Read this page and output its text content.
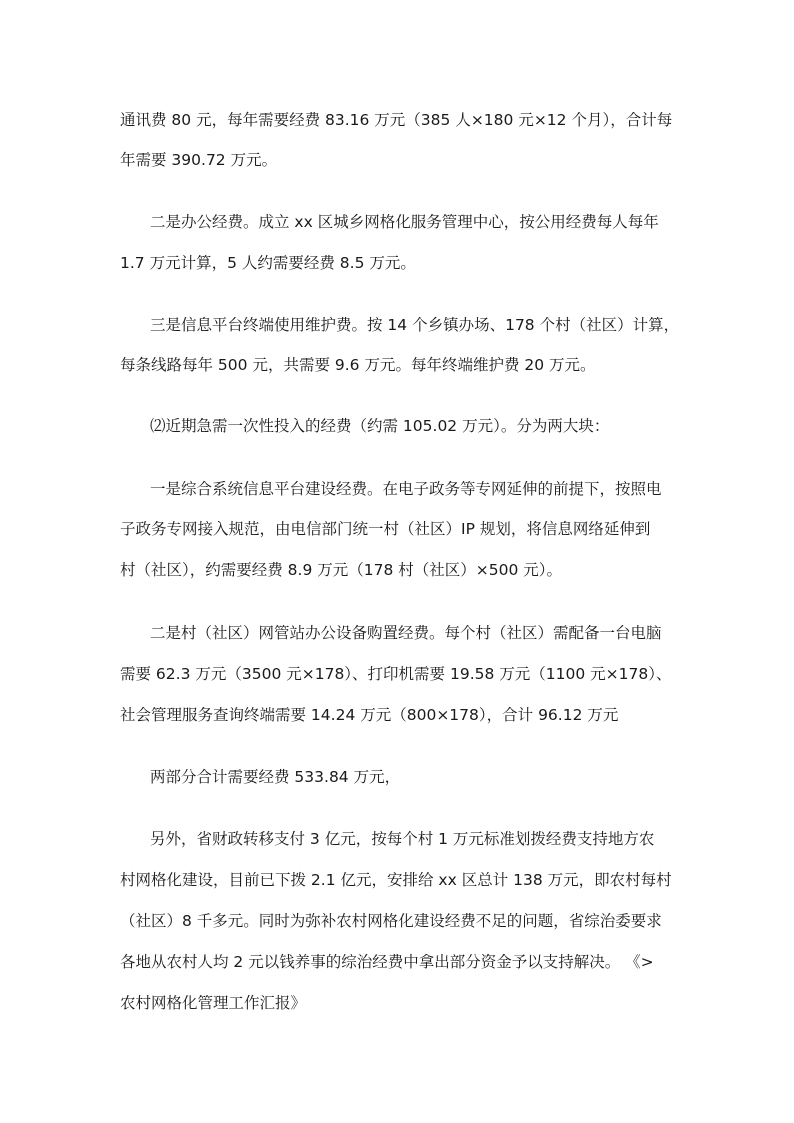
通讯费 80 元，每年需要经费 83.16 万元（385 人×180 元×12 个月），合计每
年需要 390.72 万元。
二是办公经费。成立 xx 区城乡网格化服务管理中心，按公用经费每人每年
1.7 万元计算，5 人约需要经费 8.5 万元。
三是信息平台终端使用维护费。按 14 个乡镇办场、178 个村（社区）计算，
每条线路每年 500 元，共需要 9.6 万元。每年终端维护费 20 万元。
⑵近期急需一次性投入的经费（约需 105.02 万元）。分为两大块：
一是综合系统信息平台建设经费。在电子政务等专网延伸的前提下，按照电
子政务专网接入规范，由电信部门统一村（社区）IP 规划，将信息网络延伸到
村（社区），约需要经费 8.9 万元（178 村（社区）×500 元）。
二是村（社区）网管站办公设备购置经费。每个村（社区）需配备一台电脑
需要 62.3 万元（3500 元×178）、打印机需要 19.58 万元（1100 元×178）、
社会管理服务查询终端需要 14.24 万元（800×178），合计 96.12 万元
两部分合计需要经费 533.84 万元，
另外，省财政转移支付 3 亿元，按每个村 1 万元标准划拨经费支持地方农
村网格化建设，目前已下拨 2.1 亿元，安排给 xx 区总计 138 万元，即农村每村
（社区）8 千多元。同时为弥补农村网格化建设经费不足的问题，省综治委要求
各地从农村人均 2 元以钱养事的综治经费中拿出部分资金予以支持解决。 《>
农村网格化管理工作汇报》
